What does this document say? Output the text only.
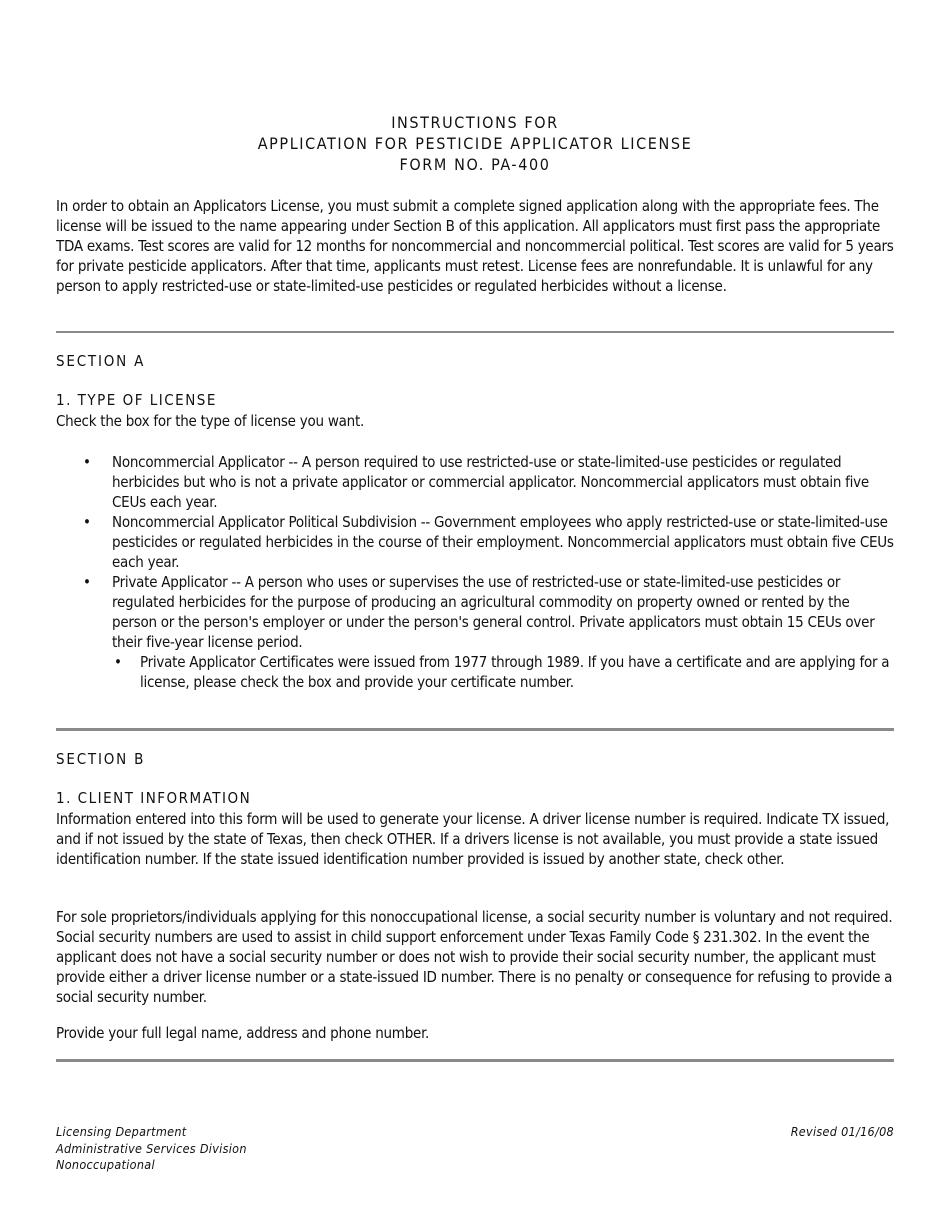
INSTRUCTIONS FOR
APPLICATION FOR PESTICIDE APPLICATOR LICENSE
FORM NO. PA-400
In order to obtain an Applicators License, you must submit a complete signed application along with the appropriate fees. The license will be issued to the name appearing under Section B of this application. All applicators must first pass the appropriate TDA exams. Test scores are valid for 12 months for noncommercial and noncommercial political. Test scores are valid for 5 years for private pesticide applicators. After that time, applicants must retest. License fees are nonrefundable. It is unlawful for any person to apply restricted-use or state-limited-use pesticides or regulated herbicides without a license.
SECTION A
1. TYPE OF LICENSE
Check the box for the type of license you want.
• Noncommercial Applicator -- A person required to use restricted-use or state-limited-use pesticides or regulated herbicides but who is not a private applicator or commercial applicator. Noncommercial applicators must obtain five CEUs each year.
• Noncommercial Applicator Political Subdivision -- Government employees who apply restricted-use or state-limited-use pesticides or regulated herbicides in the course of their employment. Noncommercial applicators must obtain five CEUs each year.
• Private Applicator -- A person who uses or supervises the use of restricted-use or state-limited-use pesticides or regulated herbicides for the purpose of producing an agricultural commodity on property owned or rented by the person or the person's employer or under the person's general control. Private applicators must obtain 15 CEUs over their five-year license period.
• Private Applicator Certificates were issued from 1977 through 1989. If you have a certificate and are applying for a license, please check the box and provide your certificate number.
SECTION B
1. CLIENT INFORMATION
Information entered into this form will be used to generate your license. A driver license number is required. Indicate TX issued, and if not issued by the state of Texas, then check OTHER. If a drivers license is not available, you must provide a state issued identification number. If the state issued identification number provided is issued by another state, check other.
For sole proprietors/individuals applying for this nonoccupational license, a social security number is voluntary and not required. Social security numbers are used to assist in child support enforcement under Texas Family Code § 231.302. In the event the applicant does not have a social security number or does not wish to provide their social security number, the applicant must provide either a driver license number or a state-issued ID number. There is no penalty or consequence for refusing to provide a social security number.
Provide your full legal name, address and phone number.
Licensing Department
Administrative Services Division
Nonoccupational
Revised 01/16/08
